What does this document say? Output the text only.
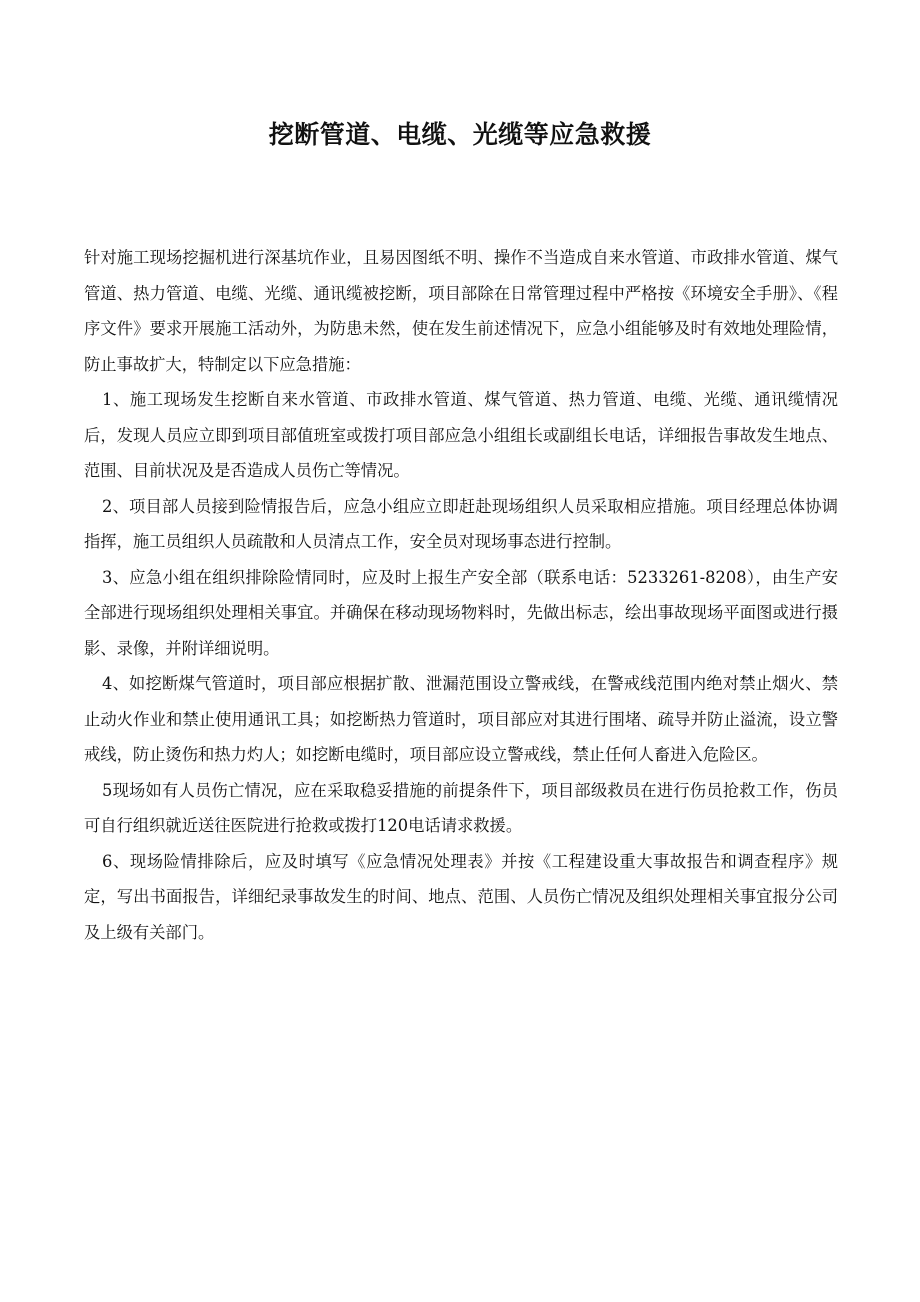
挖断管道、电缆、光缆等应急救援

针对施工现场挖掘机进行深基坑作业，且易因图纸不明、操作不当造成自来水管道、市政排水管道、煤气管道、热力管道、电缆、光缆、通讯缆被挖断，项目部除在日常管理过程中严格按《环境安全手册》、《程序文件》要求开展施工活动外，为防患未然，使在发生前述情况下，应急小组能够及时有效地处理险情，防止事故扩大，特制定以下应急措施：

1、施工现场发生挖断自来水管道、市政排水管道、煤气管道、热力管道、电缆、光缆、通讯缆情况后，发现人员应立即到项目部值班室或拨打项目部应急小组组长或副组长电话，详细报告事故发生地点、范围、目前状况及是否造成人员伤亡等情况。

2、项目部人员接到险情报告后，应急小组应立即赶赴现场组织人员采取相应措施。项目经理总体协调指挥，施工员组织人员疏散和人员清点工作，安全员对现场事态进行控制。

3、应急小组在组织排除险情同时，应及时上报生产安全部（联系电话：5233261-8208），由生产安全部进行现场组织处理相关事宜。并确保在移动现场物料时，先做出标志，绘出事故现场平面图或进行摄影、录像，并附详细说明。

4、如挖断煤气管道时，项目部应根据扩散、泄漏范围设立警戒线，在警戒线范围内绝对禁止烟火、禁止动火作业和禁止使用通讯工具；如挖断热力管道时，项目部应对其进行围堵、疏导并防止溢流，设立警戒线，防止烫伤和热力灼人；如挖断电缆时，项目部应设立警戒线，禁止任何人畜进入危险区。

5现场如有人员伤亡情况，应在采取稳妥措施的前提条件下，项目部级救员在进行伤员抢救工作，伤员可自行组织就近送往医院进行抢救或拨打120电话请求救援。

6、现场险情排除后，应及时填写《应急情况处理表》并按《工程建设重大事故报告和调查程序》规定，写出书面报告，详细纪录事故发生的时间、地点、范围、人员伤亡情况及组织处理相关事宜报分公司及上级有关部门。
